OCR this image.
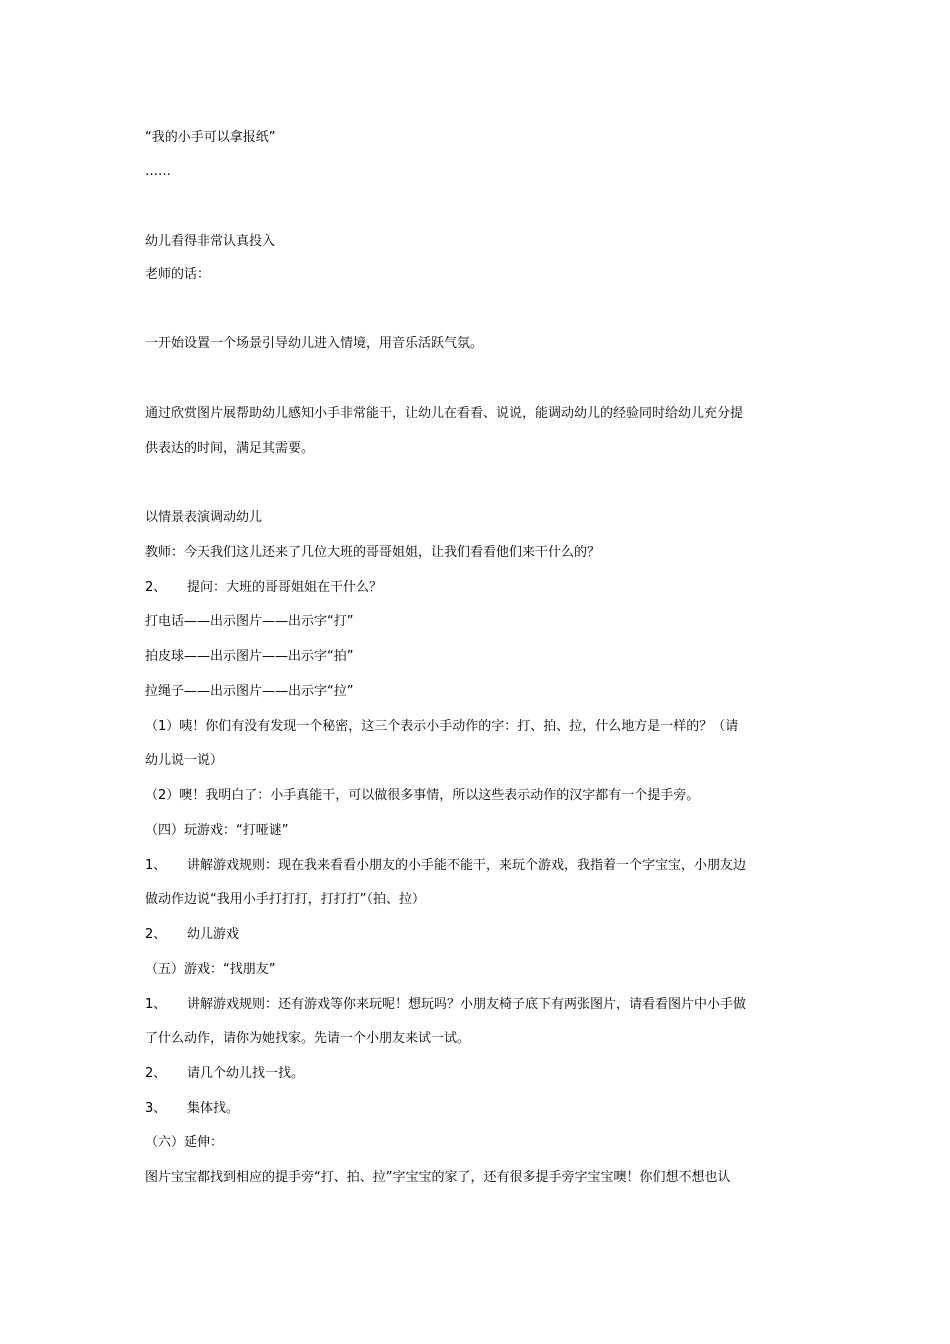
“我的小手可以拿报纸”
……
幼儿看得非常认真投入
老师的话：
一开始设置一个场景引导幼儿进入情境，用音乐活跃气氛。
通过欣赏图片展帮助幼儿感知小手非常能干，让幼儿在看看、说说，能调动幼儿的经验同时给幼儿充分提
供表达的时间，满足其需要。
以情景表演调动幼儿
教师：今天我们这儿还来了几位大班的哥哥姐姐，让我们看看他们来干什么的？
2、 提问：大班的哥哥姐姐在干什么？
打电话——出示图片——出示字“打”
拍皮球——出示图片——出示字“拍”
拉绳子——出示图片——出示字“拉”
（1）咦！你们有没有发现一个秘密，这三个表示小手动作的字：打、拍、拉，什么地方是一样的？（请
幼儿说一说）
（2）噢！我明白了：小手真能干，可以做很多事情，所以这些表示动作的汉字都有一个提手旁。
（四）玩游戏：“打哑谜”
1、 讲解游戏规则：现在我来看看小朋友的小手能不能干，来玩个游戏，我指着一个字宝宝，小朋友边
做动作边说“我用小手打打打，打打打”（拍、拉）
2、 幼儿游戏
（五）游戏：“找朋友”
1、 讲解游戏规则：还有游戏等你来玩呢！想玩吗？小朋友椅子底下有两张图片，请看看图片中小手做
了什么动作，请你为她找家。先请一个小朋友来试一试。
2、 请几个幼儿找一找。
3、 集体找。
（六）延伸：
图片宝宝都找到相应的提手旁“打、拍、拉”字宝宝的家了，还有很多提手旁字宝宝噢！你们想不想也认
